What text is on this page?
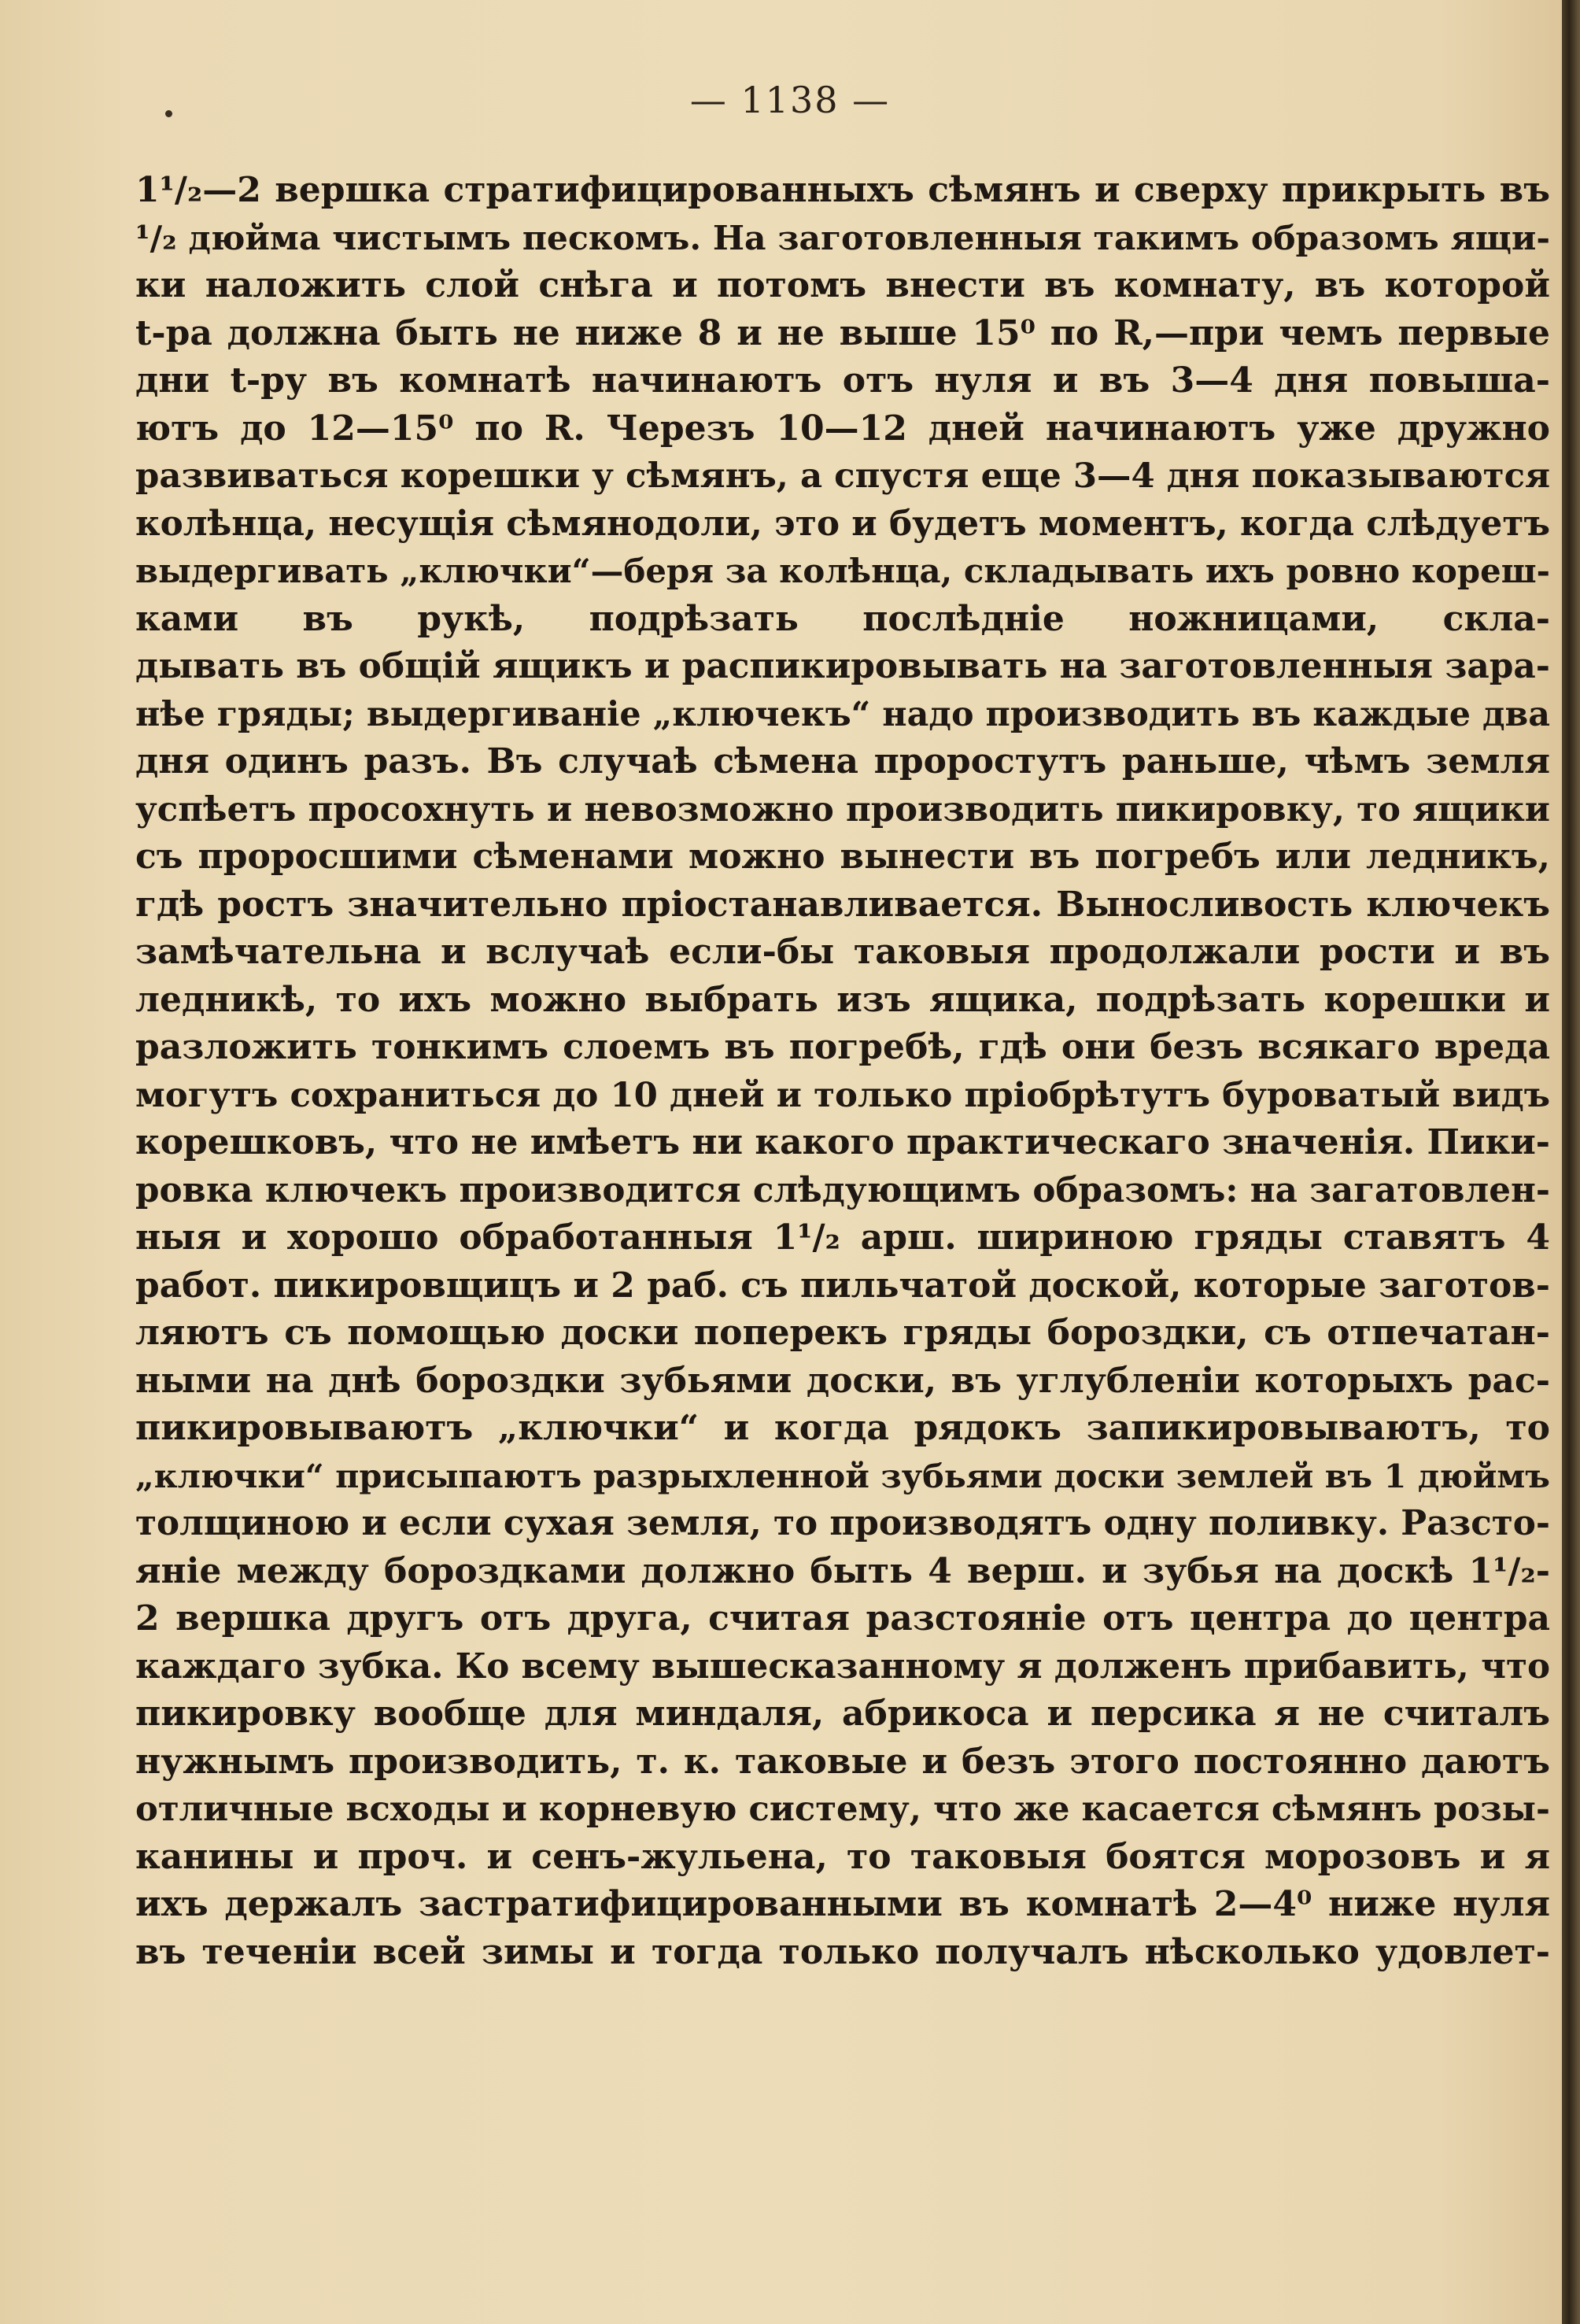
— 1138 —
1¹/₂—2 вершка стратифицированныхъ сѣмянъ и сверху прикрыть въ
¹/₂ дюйма чистымъ пескомъ. На заготовленныя такимъ образомъ ящи-
ки наложить слой снѣга и потомъ внести въ комнату, въ которой
t-ра должна быть не ниже 8 и не выше 15⁰ по R,—при чемъ первые
дни t-ру въ комнатѣ начинаютъ отъ нуля и въ 3—4 дня повыша-
ютъ до 12—15⁰ по R. Черезъ 10—12 дней начинаютъ уже дружно
развиваться корешки у сѣмянъ, а спустя еще 3—4 дня показываются
колѣнца, несущія сѣмянодоли, это и будетъ моментъ, когда слѣдуетъ
выдергивать „ключки“—беря за колѣнца, складывать ихъ ровно кореш-
ками въ рукѣ, подрѣзать послѣдніе ножницами, скла-
дывать въ общій ящикъ и распикировывать на заготовленныя зара-
нѣе гряды; выдергиваніе „ключекъ“ надо производить въ каждые два
дня одинъ разъ. Въ случаѣ сѣмена проростутъ раньше, чѣмъ земля
успѣетъ просохнуть и невозможно производить пикировку, то ящики
съ проросшими сѣменами можно вынести въ погребъ или ледникъ,
гдѣ ростъ значительно пріостанавливается. Выносливость ключекъ
замѣчательна и вслучаѣ если-бы таковыя продолжали рости и въ
ледникѣ, то ихъ можно выбрать изъ ящика, подрѣзать корешки и
разложить тонкимъ слоемъ въ погребѣ, гдѣ они безъ всякаго вреда
могутъ сохраниться до 10 дней и только пріобрѣтутъ буроватый видъ
корешковъ, что не имѣетъ ни какого практическаго значенія. Пики-
ровка ключекъ производится слѣдующимъ образомъ: на загатовлен-
ныя и хорошо обработанныя 1¹/₂ арш. шириною гряды ставятъ 4
работ. пикировщицъ и 2 раб. съ пильчатой доской, которые заготов-
ляютъ съ помощью доски поперекъ гряды бороздки, съ отпечатан-
ными на днѣ бороздки зубьями доски, въ углубленіи которыхъ рас-
пикировываютъ „ключки“ и когда рядокъ запикировываютъ, то
„ключки“ присыпаютъ разрыхленной зубьями доски землей въ 1 дюймъ
толщиною и если сухая земля, то производятъ одну поливку. Разсто-
яніе между бороздками должно быть 4 верш. и зубья на доскѣ 1¹/₂-
2 вершка другъ отъ друга, считая разстояніе отъ центра до центра
каждаго зубка. Ко всему вышесказанному я долженъ прибавить, что
пикировку вообще для миндаля, абрикоса и персика я не считалъ
нужнымъ производить, т. к. таковые и безъ этого постоянно даютъ
отличные всходы и корневую систему, что же касается сѣмянъ розы-
канины и проч. и сенъ-жульена, то таковыя боятся морозовъ и я
ихъ держалъ застратифицированными въ комнатѣ 2—4⁰ ниже нуля
въ теченіи всей зимы и тогда только получалъ нѣсколько удовлет-
